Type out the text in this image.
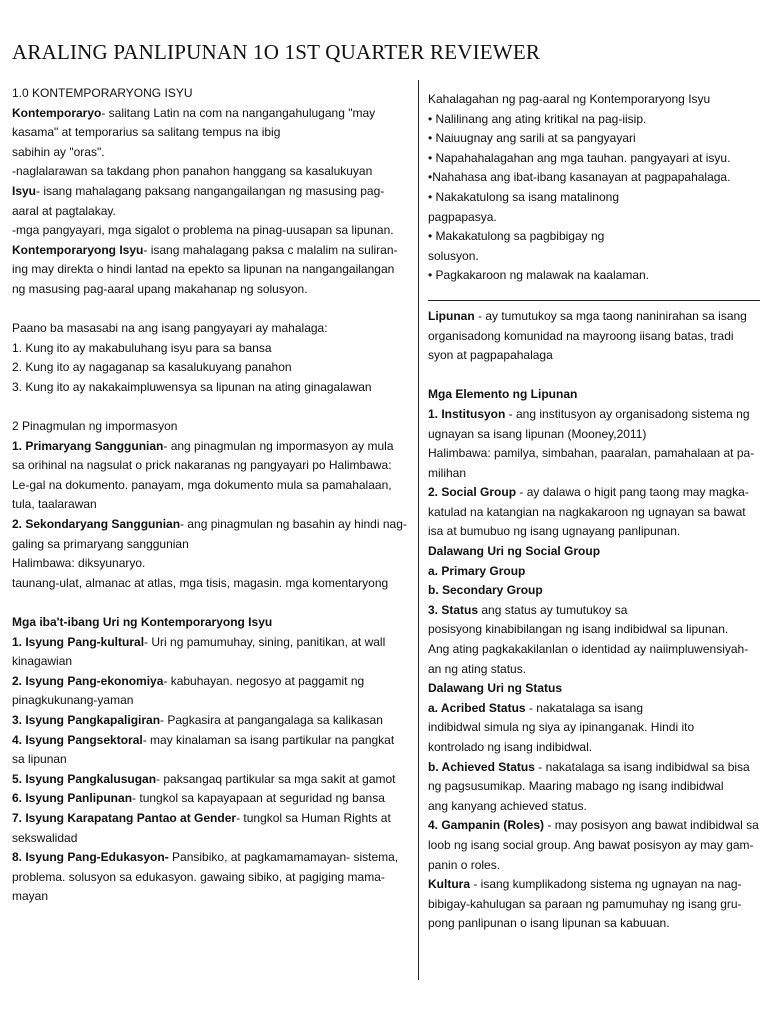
ARALING PANLIPUNAN 1O 1ST QUARTER REVIEWER

1.0 KONTEMPORARYONG ISYU

Kontemporaryo- salitang Latin na com na nangangahulugang "may kasama" at temporarius sa salitang tempus na ibig

sabihin ay "oras".

-naglalarawan sa takdang phon panahon hanggang sa kasalukuyan

Isyu- isang mahalagang paksang nangangailangan ng masusing pag-aaral at pagtalakay.

-mga pangyayari, mga sigalot o problema na pinag-uusapan sa lipunan.

Kontemporaryong Isyu- isang mahalagang paksa c malalim na suliran-ing may direkta o hindi lantad na epekto sa lipunan na nangangailangan ng masusing pag-aaral upang makahanap ng solusyon.

Paano ba masasabi na ang isang pangyayari ay mahalaga:

1. Kung ito ay makabuluhang isyu para sa bansa

2. Kung ito ay nagaganap sa kasalukuyang panahon

3. Kung ito ay nakakaimpluwensya sa lipunan na ating ginagalawan

2 Pinagmulan ng impormasyon

1. Primaryang Sanggunian- ang pinagmulan ng impormasyon ay mula sa orihinal na nagsulat o prick nakaranas ng pangyayari po Halimbawa: Le-gal na dokumento. panayam, mga dokumento mula sa pamahalaan, tula, taalarawan

2. Sekondaryang Sanggunian- ang pinagmulan ng basahin ay hindi nag-galing sa primaryang sanggunian

Halimbawa: diksyunaryo.

taunang-ulat, almanac at atlas, mga tisis, magasin. mga komentaryong

Mga iba't-ibang Uri ng Kontemporaryong Isyu

1. Isyung Pang-kultural- Uri ng pamumuhay, sining, panitikan, at wall kinagawian

2. Isyung Pang-ekonomiya- kabuhayan. negosyo at paggamit ng pinagkukunang-yaman

3. Isyung Pangkapaligiran- Pagkasira at pangangalaga sa kalikasan

4. Isyung Pangsektoral- may kinalaman sa isang partikular na pangkat sa lipunan

5. Isyung Pangkalusugan- paksangaq partikular sa mga sakit at gamot

6. Isyung Panlipunan- tungkol sa kapayapaan at seguridad ng bansa

7. Isyung Karapatang Pantao at Gender- tungkol sa Human Rights at sekswalidad

8. Isyung Pang-Edukasyon- Pansibiko, at pagkamamamayan- sistema, problema. solusyon sa edukasyon. gawaing sibiko, at pagiging mama-mayan

Kahalagahan ng pag-aaral ng Kontemporaryong Isyu

• Nalilinang ang ating kritikal na pag-iisip.

• Naiuugnay ang sarili at sa pangyayari

• Napahahalagahan ang mga tauhan. pangyayari at isyu.

•Nahahasa ang ibat-ibang kasanayan at pagpapahalaga.

• Nakakatulong sa isang matalinong

pagpapasya.

• Makakatulong sa pagbibigay ng

solusyon.

• Pagkakaroon ng malawak na kaalaman.

Lipunan - ay tumutukoy sa mga taong naninirahan sa isang organisadong komunidad na mayroong iisang batas, tradi syon at pagpapahalaga

Mga Elemento ng Lipunan

1. Institusyon - ang institusyon ay organisadong sistema ng ugnayan sa isang lipunan (Mooney,2011)

Halimbawa: pamilya, simbahan, paaralan, pamahalaan at pa-milihan

2. Social Group - ay dalawa o higit pang taong may magka-katulad na katangian na nagkakaroon ng ugnayan sa bawat isa at bumubuo ng isang ugnayang panlipunan.

Dalawang Uri ng Social Group

a. Primary Group

b. Secondary Group

3. Status ang status ay tumutukoy sa

posisyong kinabibilangan ng isang indibidwal sa lipunan.

Ang ating pagkakakilanlan o identidad ay naiimpluwensiyah-an ng ating status.

Dalawang Uri ng Status

a. Acribed Status - nakatalaga sa isang

indibidwal simula ng siya ay ipinanganak. Hindi ito

kontrolado ng isang indibidwal.

b. Achieved Status - nakatalaga sa isang indibidwal sa bisa

ng pagsusumikap. Maaring mabago ng isang indibidwal

ang kanyang achieved status.

4. Gampanin (Roles) - may posisyon ang bawat indibidwal sa loob ng isang social group. Ang bawat posisyon ay may gam-panin o roles.

Kultura - isang kumplikadong sistema ng ugnayan na nag-bibigay-kahulugan sa paraan ng pamumuhay ng isang gru-pong panlipunan o isang lipunan sa kabuuan.
